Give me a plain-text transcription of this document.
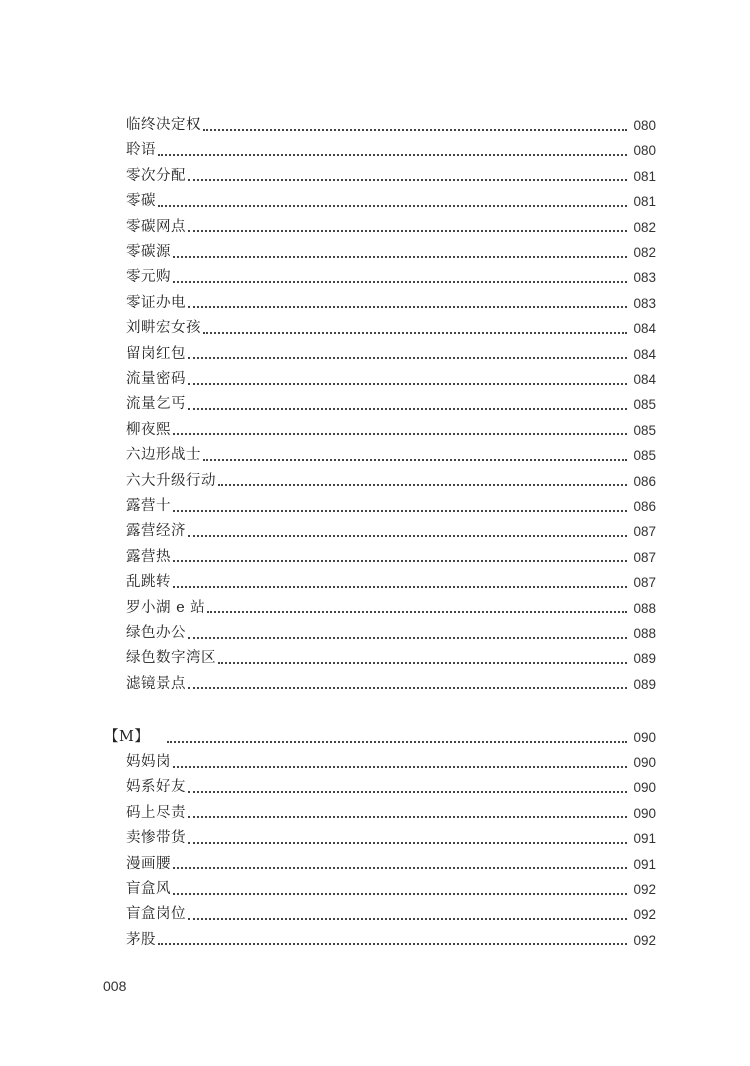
临终决定权	080
聆语	080
零次分配	081
零碳	081
零碳网点	082
零碳源	082
零元购	083
零证办电	083
刘畊宏女孩	084
留岗红包	084
流量密码	084
流量乞丐	085
柳夜熙	085
六边形战士	085
六大升级行动	086
露营十	086
露营经济	087
露营热	087
乱跳转	087
罗小湖 e 站	088
绿色办公	088
绿色数字湾区	089
滤镜景点	089
【M】	090
妈妈岗	090
妈系好友	090
码上尽责	090
卖惨带货	091
漫画腰	091
盲盒风	092
盲盒岗位	092
茅股	092
008
